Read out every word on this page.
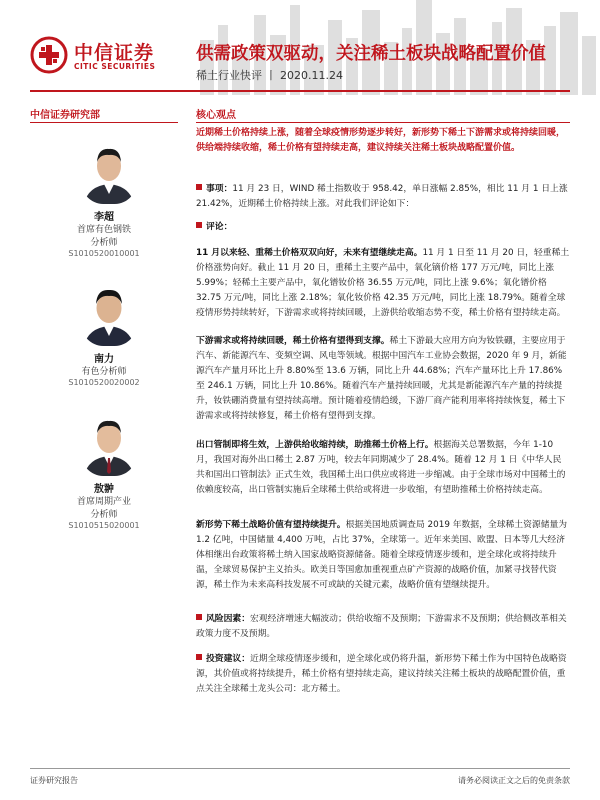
中信证券
CITIC SECURITIES
供需政策双驱动，关注稀土板块战略配置价值
稀土行业快评 丨 2020.11.24
中信证券研究部
李超
首席有色钢铁
分析师
S1010520010001
南力
有色分析师
S1010520020002
敖翀
首席周期产业
分析师
S1010515020001
核心观点
近期稀土价格持续上涨，随着全球疫情形势逐步转好，新形势下稀土下游需求或将持续回暖，供给端持续收缩，稀土价格有望持续走高，建议持续关注稀土板块战略配置价值。
事项：11 月 23 日，WIND 稀土指数收于 958.42，单日涨幅 2.85%，相比 11 月 1 日上涨 21.42%，近期稀土价格持续上涨。对此我们评论如下：
评论：
11 月以来轻、重稀土价格双双向好，未来有望继续走高。11 月 1 日至 11 月 20 日，轻重稀土价格涨势向好。截止 11 月 20 日，重稀土主要产品中，氧化镝价格 177 万元/吨，同比上涨 5.99%；轻稀土主要产品中，氧化镨钕价格 36.55 万元/吨，同比上涨 9.6%；氧化镨价格 32.75 万元/吨，同比上涨 2.18%；氧化钕价格 42.35 万元/吨，同比上涨 18.79%。随着全球疫情形势持续转好，下游需求或将持续回暖，上游供给收缩态势不变，稀土价格有望持续走高。
下游需求或将持续回暖，稀土价格有望得到支撑。稀土下游最大应用方向为钕铁硼，主要应用于汽车、新能源汽车、变频空调、风电等领域。根据中国汽车工业协会数据，2020 年 9 月，新能源汽车产量月环比上升 8.80%至 13.6 万辆，同比上升 44.68%；汽车产量环比上升 17.86%至 246.1 万辆，同比上升 10.86%。随着汽车产量持续回暖，尤其是新能源汽车产量的持续提升，钕铁硼消费量有望持续高增。预计随着疫情趋缓，下游厂商产能利用率将持续恢复，稀土下游需求或将持续修复，稀土价格有望得到支撑。
出口管制即将生效，上游供给收缩持续，助推稀土价格上行。根据海关总署数据，今年 1-10 月，我国对海外出口稀土 2.87 万吨，较去年同期减少了 28.4%。随着 12 月 1 日《中华人民共和国出口管制法》正式生效，我国稀土出口供应或将进一步缩减。由于全球市场对中国稀土的依赖度较高，出口管制实施后全球稀土供给或将进一步收缩，有望助推稀土价格持续走高。
新形势下稀土战略价值有望持续提升。根据美国地质调查局 2019 年数据，全球稀土资源储量为 1.2 亿吨，中国储量 4,400 万吨，占比 37%，全球第一。近年来美国、欧盟、日本等几大经济体相继出台政策将稀土纳入国家战略资源储备。随着全球疫情逐步缓和，逆全球化或将持续升温，全球贸易保护主义抬头。欧美日等国愈加重视重点矿产资源的战略价值，加紧寻找替代资源，稀土作为未来高科技发展不可或缺的关键元素，战略价值有望继续提升。
风险因素：宏观经济增速大幅波动；供给收缩不及预期；下游需求不及预期；供给侧改革相关政策力度不及预期。
投资建议：近期全球疫情逐步缓和，逆全球化或仍将升温，新形势下稀土作为中国特色战略资源，其价值或将持续提升，稀土价格有望持续走高，建议持续关注稀土板块的战略配置价值，重点关注全球稀土龙头公司：北方稀土。
证券研究报告	请务必阅读正文之后的免责条款
